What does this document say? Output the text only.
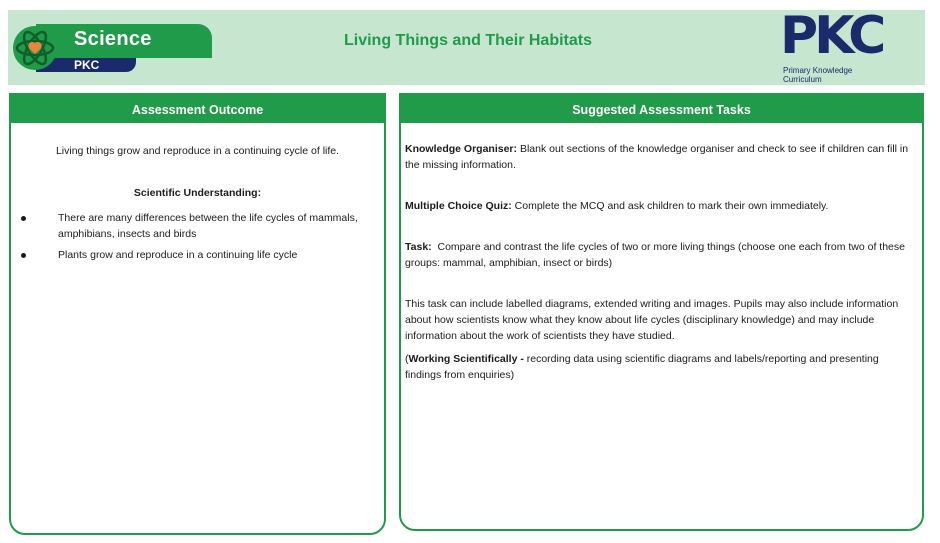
Science
PKC
Living Things and Their Habitats	PKC
Primary Knowledge
Curriculum
Assessment Outcome
Living things grow and reproduce in a continuing cycle of life.
Scientific Understanding:
There are many differences between the life cycles of mammals, amphibians, insects and birds
Plants grow and reproduce in a continuing life cycle
Suggested Assessment Tasks

Knowledge Organiser: Blank out sections of the knowledge organiser and check to see if children can fill in the missing information.

Multiple Choice Quiz: Complete the MCQ and ask children to mark their own immediately.

Task:  Compare and contrast the life cycles of two or more living things (choose one each from two of these groups: mammal, amphibian, insect or birds)

This task can include labelled diagrams, extended writing and images. Pupils may also include information about how scientists know what they know about life cycles (disciplinary knowledge) and may include information about the work of scientists they have studied.

(Working Scientifically - recording data using scientific diagrams and labels/reporting and presenting findings from enquiries)
